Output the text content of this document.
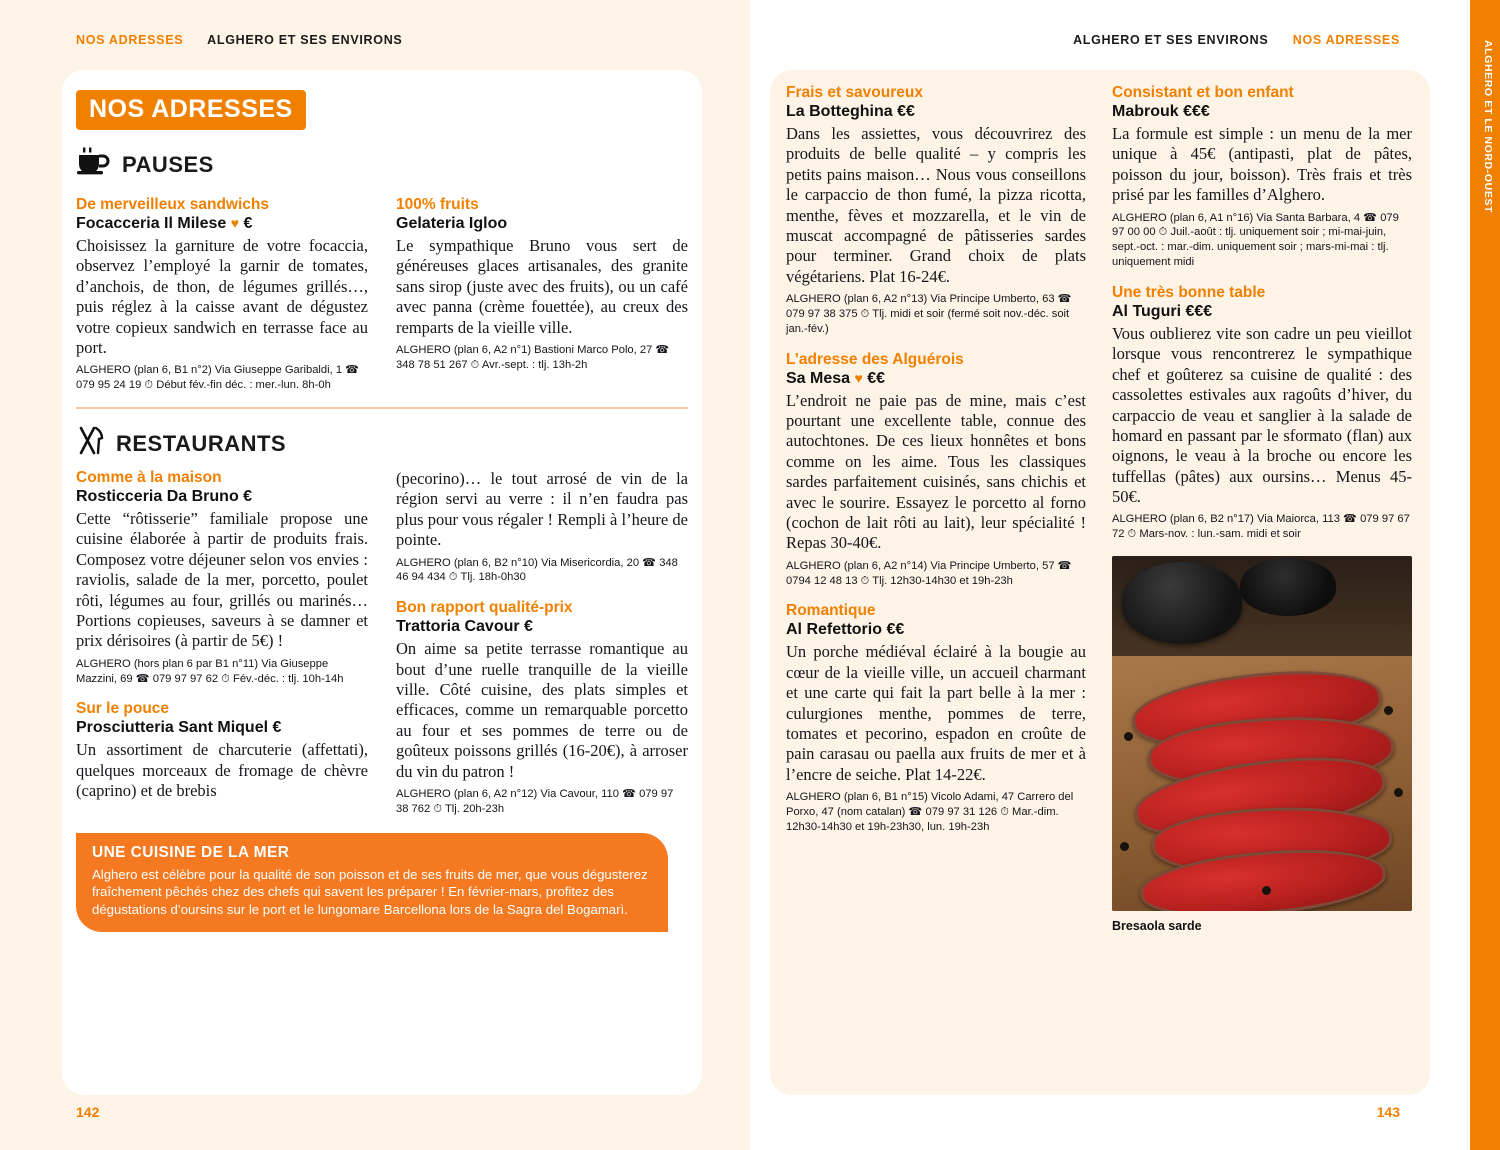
NOS ADRESSES ALGHERO ET SES ENVIRONS
NOS ADRESSES
PAUSES
De merveilleux sandwichs
Focacceria Il Milese ♥ €
Choisissez la garniture de votre focaccia, observez l’employé la garnir de tomates, d’anchois, de thon, de légumes grillés…, puis réglez à la caisse avant de dégustez votre copieux sandwich en terrasse face au port.
ALGHERO (plan 6, B1 n°2) Via Giuseppe Garibaldi, 1 ☎ 079 95 24 19 ⏱ Début fév.-fin déc. : mer.-lun. 8h-0h
100% fruits
Gelateria Igloo
Le sympathique Bruno vous sert de généreuses glaces artisanales, des granite sans sirop (juste avec des fruits), ou un café avec panna (crème fouettée), au creux des remparts de la vieille ville.
ALGHERO (plan 6, A2 n°1) Bastioni Marco Polo, 27 ☎ 348 78 51 267 ⏱ Avr.-sept. : tlj. 13h-2h
RESTAURANTS
Comme à la maison
Rosticceria Da Bruno €
Cette “rôtisserie” familiale propose une cuisine élaborée à partir de produits frais. Composez votre déjeuner selon vos envies : raviolis, salade de la mer, porcetto, poulet rôti, légumes au four, grillés ou marinés… Portions copieuses, saveurs à se damner et prix dérisoires (à partir de 5€) !
ALGHERO (hors plan 6 par B1 n°11) Via Giuseppe Mazzini, 69 ☎ 079 97 97 62 ⏱ Fév.-déc. : tlj. 10h-14h
Sur le pouce
Prosciutteria Sant Miquel €
Un assortiment de charcuterie (affettati), quelques morceaux de fromage de chèvre (caprino) et de brebis
(pecorino)… le tout arrosé de vin de la région servi au verre : il n’en faudra pas plus pour vous régaler ! Rempli à l’heure de pointe.
ALGHERO (plan 6, B2 n°10) Via Misericordia, 20 ☎ 348 46 94 434 ⏱ Tlj. 18h-0h30
Bon rapport qualité-prix
Trattoria Cavour €
On aime sa petite terrasse romantique au bout d’une ruelle tranquille de la vieille ville. Côté cuisine, des plats simples et efficaces, comme un remarquable porcetto au four et ses pommes de terre ou de goûteux poissons grillés (16-20€), à arroser du vin du patron !
ALGHERO (plan 6, A2 n°12) Via Cavour, 110 ☎ 079 97 38 762 ⏱ Tlj. 20h-23h
UNE CUISINE DE LA MER
Alghero est célèbre pour la qualité de son poisson et de ses fruits de mer, que vous dégusterez fraîchement pêchés chez des chefs qui savent les préparer ! En février-mars, profitez des dégustations d’oursins sur le port et le lungomare Barcellona lors de la Sagra del Bogamarì.
142
ALGHERO ET SES ENVIRONS NOS ADRESSES
Frais et savoureux
La Botteghina €€
Dans les assiettes, vous découvrirez des produits de belle qualité – y compris les petits pains maison… Nous vous conseillons le carpaccio de thon fumé, la pizza ricotta, menthe, fèves et mozzarella, et le vin de muscat accompagné de pâtisseries sardes pour terminer. Grand choix de plats végétariens. Plat 16-24€.
ALGHERO (plan 6, A2 n°13) Via Principe Umberto, 63 ☎ 079 97 38 375 ⏱ Tlj. midi et soir (fermé soit nov.-déc. soit jan.-fév.)
L’adresse des Alguérois
Sa Mesa ♥ €€
L’endroit ne paie pas de mine, mais c’est pourtant une excellente table, connue des autochtones. De ces lieux honnêtes et bons comme on les aime. Tous les classiques sardes parfaitement cuisinés, sans chichis et avec le sourire. Essayez le porcetto al forno (cochon de lait rôti au lait), leur spécialité ! Repas 30-40€.
ALGHERO (plan 6, A2 n°14) Via Principe Umberto, 57 ☎ 0794 12 48 13 ⏱ Tlj. 12h30-14h30 et 19h-23h
Romantique
Al Refettorio €€
Un porche médiéval éclairé à la bougie au cœur de la vieille ville, un accueil charmant et une carte qui fait la part belle à la mer : culurgiones menthe, pommes de terre, tomates et pecorino, espadon en croûte de pain carasau ou paella aux fruits de mer et à l’encre de seiche. Plat 14-22€.
ALGHERO (plan 6, B1 n°15) Vicolo Adami, 47 Carrero del Porxo, 47 (nom catalan) ☎ 079 97 31 126 ⏱ Mar.-dim. 12h30-14h30 et 19h-23h30, lun. 19h-23h
Consistant et bon enfant
Mabrouk €€€
La formule est simple : un menu de la mer unique à 45€ (antipasti, plat de pâtes, poisson du jour, boisson). Très frais et très prisé par les familles d’Alghero.
ALGHERO (plan 6, A1 n°16) Via Santa Barbara, 4 ☎ 079 97 00 00 ⏱ Juil.-août : tlj. uniquement soir ; mi-mai-juin, sept.-oct. : mar.-dim. uniquement soir ; mars-mi-mai : tlj. uniquement midi
Une très bonne table
Al Tuguri €€€
Vous oublierez vite son cadre un peu vieillot lorsque vous rencontrerez le sympathique chef et goûterez sa cuisine de qualité : des cassolettes estivales aux ragoûts d’hiver, du carpaccio de veau et sanglier à la salade de homard en passant par le sformato (flan) aux oignons, le veau à la broche ou encore les tuffellas (pâtes) aux oursins… Menus 45-50€.
ALGHERO (plan 6, B2 n°17) Via Maiorca, 113 ☎ 079 97 67 72 ⏱ Mars-nov. : lun.-sam. midi et soir
Bresaola sarde
143
ALGHERO ET LE NORD-OUEST
